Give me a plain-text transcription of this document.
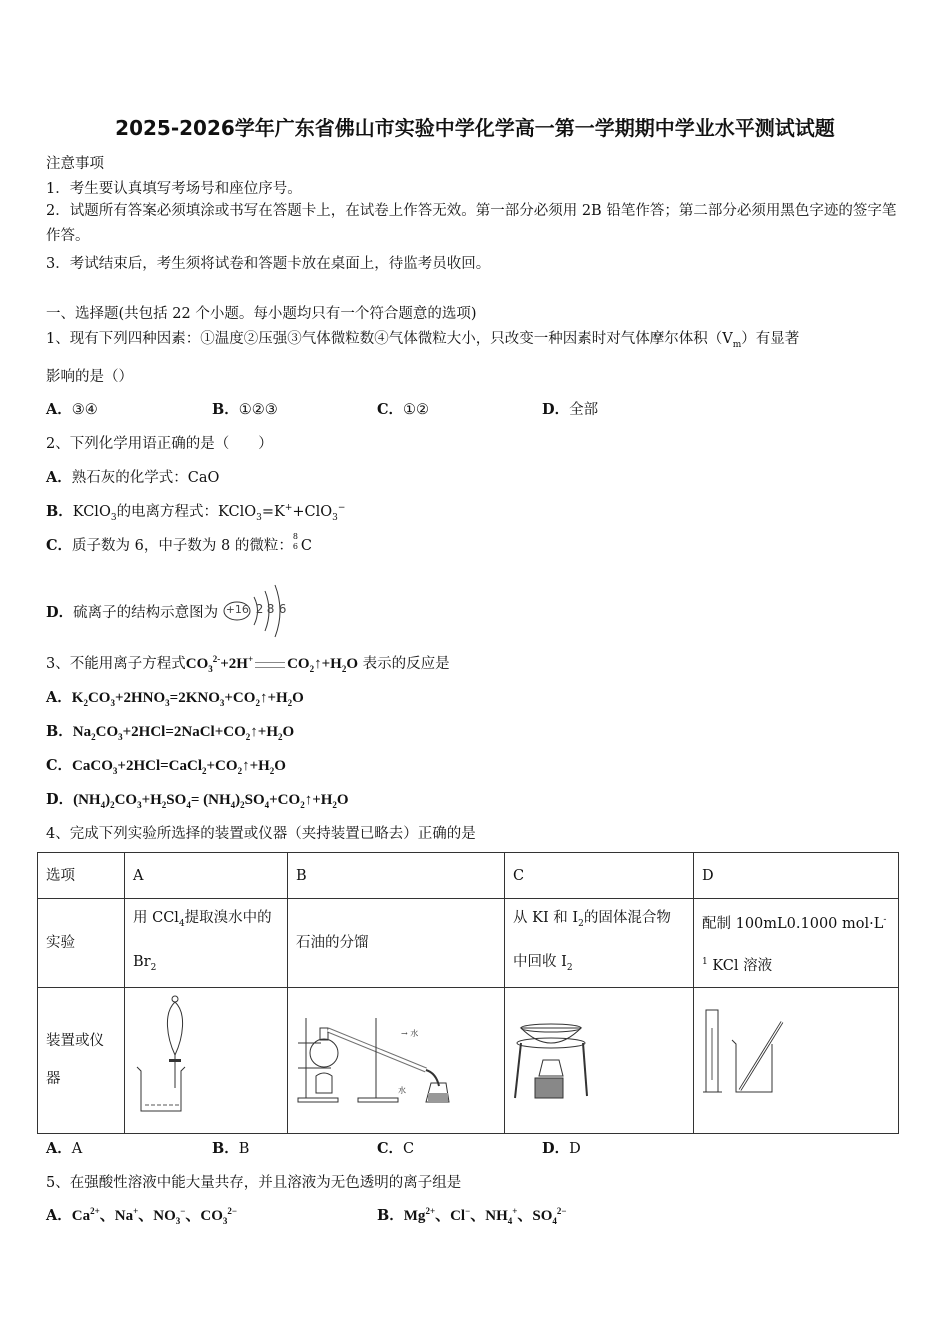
2025-2026学年广东省佛山市实验中学化学高一第一学期期中学业水平测试试题
注意事项
1．考生要认真填写考场号和座位序号。
2．试题所有答案必须填涂或书写在答题卡上，在试卷上作答无效。第一部分必须用 2B 铅笔作答；第二部分必须用黑色字迹的签字笔作答。
3．考试结束后，考生须将试卷和答题卡放在桌面上，待监考员收回。
一、选择题(共包括 22 个小题。每小题均只有一个符合题意的选项)
1、现有下列四种因素：①温度②压强③气体微粒数④气体微粒大小，只改变一种因素时对气体摩尔体积$(V_m)$有显著
影响的是（）
A．③④	B．①②③	C．①②	D．全部
2、下列化学用语正确的是（　　）
A．熟石灰的化学式：CaO
B．KClO$_3$的电离方程式：KClO$_3$=K++ClO$_3$−
C．质子数为 6，中子数为 8 的微粒：
8
6 C
D．硫离子的结构示意图为 +16 2 8 6
3、不能用离子方程式$CO_3^{2-}+2H^+$ $CO_2↑+H_2O$ 表示的反应是
A．$K_2CO_3+2HNO_3=2KNO_3+CO_2↑+H_2O$
B．$Na_2CO_3+2HCl=2NaCl+CO_2↑+H_2O$
C．$CaCO_3+2HCl=CaCl_2+CO_2↑+H_2O$
D．$(NH_4)_2CO_3+H_2SO_4=$ $(NH_4)_2SO_4+CO_2↑+H_2O$
4、完成下列实验所选择的装置或仪器（夹持装置已略去）正确的是
选项	A	B	C	D
实验	用 CCl$_4$提取溴水中的 $Br_2$	石油的分馏	从 KI 和 $I_2$的固体混合物中回收 $I_2$	配制 100mL0.1000 $mol\cdot L^{-1}$ KCl 溶液
装置或仪器		→ 水
水

A．A	B．B	C．C	D．D
5、在强酸性溶液中能大量共存，并且溶液为无色透明的离子组是
A．$Ca^{2+}$、Na+、$NO_3^-$、$CO_3^{2-}$	B．$Mg^{2+}$、Cl−、$NH_4^+$、$SO_4^{2-}$
